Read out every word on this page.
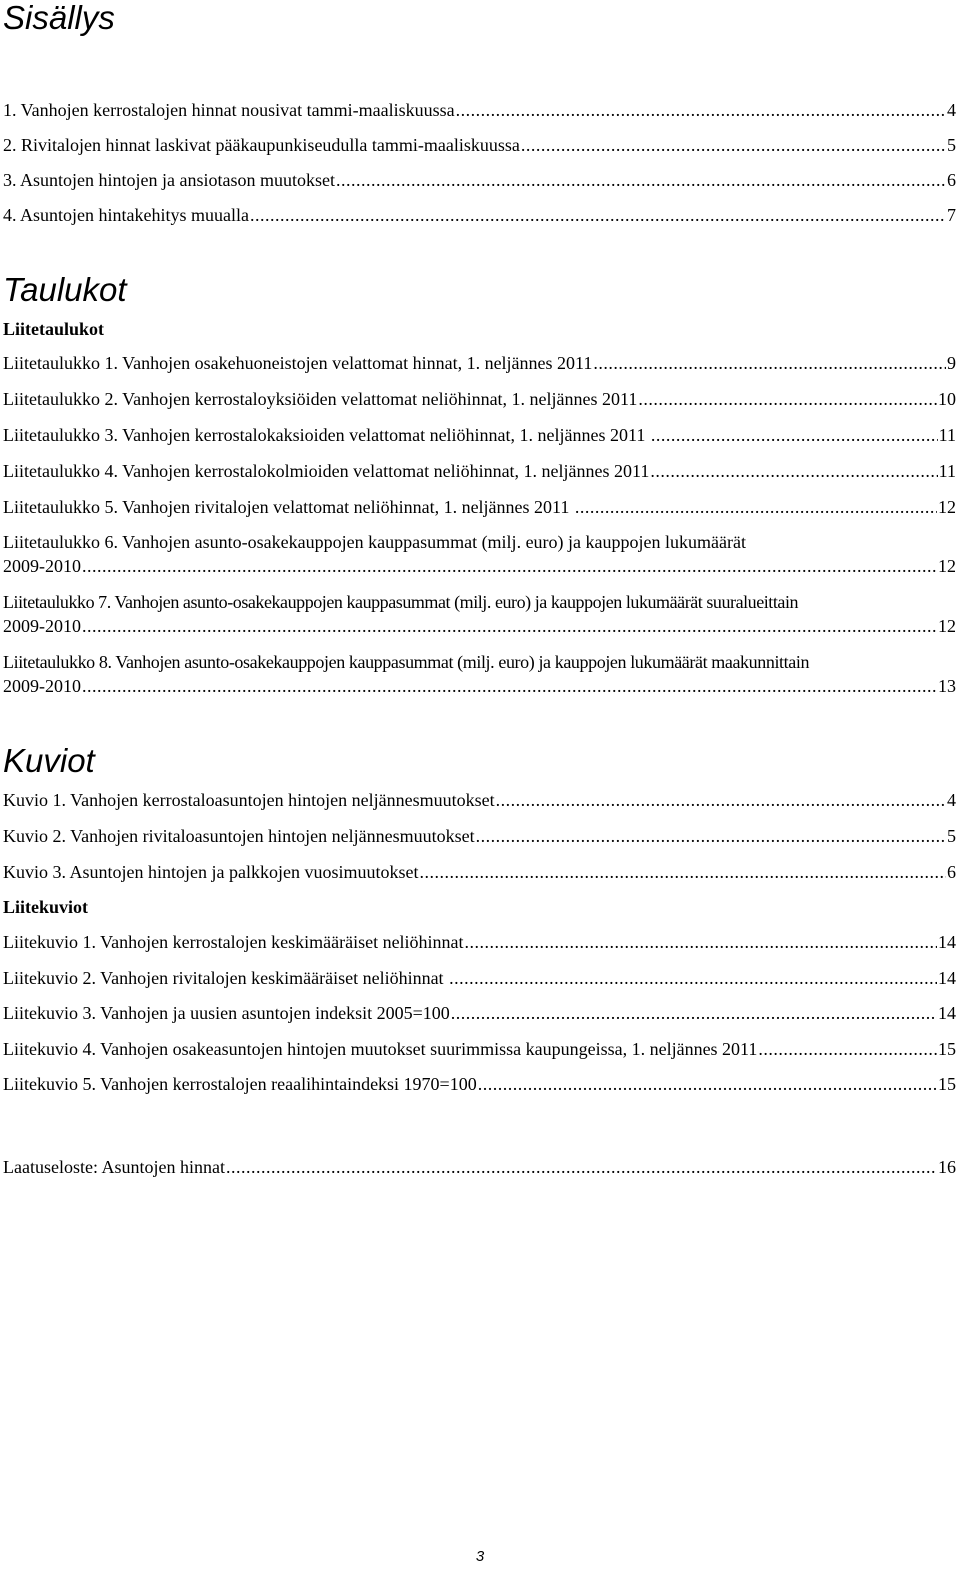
Sisällys
1. Vanhojen kerrostalojen hinnat nousivat tammi-maaliskuussa .....	4
2. Rivitalojen hinnat laskivat pääkaupunkiseudulla tammi-maaliskuussa .....	5
3. Asuntojen hintojen ja ansiotason muutokset .....	6
4. Asuntojen hintakehitys muualla .....	7
Taulukot
Liitetaulukot
Liitetaulukko 1. Vanhojen osakehuoneistojen velattomat hinnat, 1. neljännes 2011 .....	9
Liitetaulukko 2. Vanhojen kerrostaloyksiöiden velattomat neliöhinnat, 1. neljännes 2011 .....	10
Liitetaulukko 3. Vanhojen kerrostalokaksioiden velattomat neliöhinnat, 1. neljännes 2011 .....	11
Liitetaulukko 4. Vanhojen kerrostalokolmioiden velattomat neliöhinnat, 1. neljännes 2011 .....	11
Liitetaulukko 5. Vanhojen rivitalojen velattomat neliöhinnat, 1. neljännes 2011 .....	12
Liitetaulukko 6. Vanhojen asunto-osakekauppojen kauppasummat (milj. euro) ja kauppojen lukumäärät
2009-2010 .....	12
Liitetaulukko 7. Vanhojen asunto-osakekauppojen kauppasummat (milj. euro) ja kauppojen lukumäärät suuralueittain
2009-2010 .....	12
Liitetaulukko 8. Vanhojen asunto-osakekauppojen kauppasummat (milj. euro) ja kauppojen lukumäärät maakunnittain
2009-2010 .....	13
Kuviot
Kuvio 1. Vanhojen kerrostaloasuntojen hintojen neljännesmuutokset .....	4
Kuvio 2. Vanhojen rivitaloasuntojen hintojen neljännesmuutokset .....	5
Kuvio 3. Asuntojen hintojen ja palkkojen vuosimuutokset .....	6
Liitekuviot
Liitekuvio 1. Vanhojen kerrostalojen keskimääräiset neliöhinnat .....	14
Liitekuvio 2. Vanhojen rivitalojen keskimääräiset neliöhinnat .....	14
Liitekuvio 3. Vanhojen ja uusien asuntojen indeksit 2005=100 .....	14
Liitekuvio 4. Vanhojen osakeasuntojen hintojen muutokset suurimmissa kaupungeissa, 1. neljännes 2011 .....	15
Liitekuvio 5. Vanhojen kerrostalojen reaalihintaindeksi 1970=100 .....	15
Laatuseloste: Asuntojen hinnat .....	16
3
